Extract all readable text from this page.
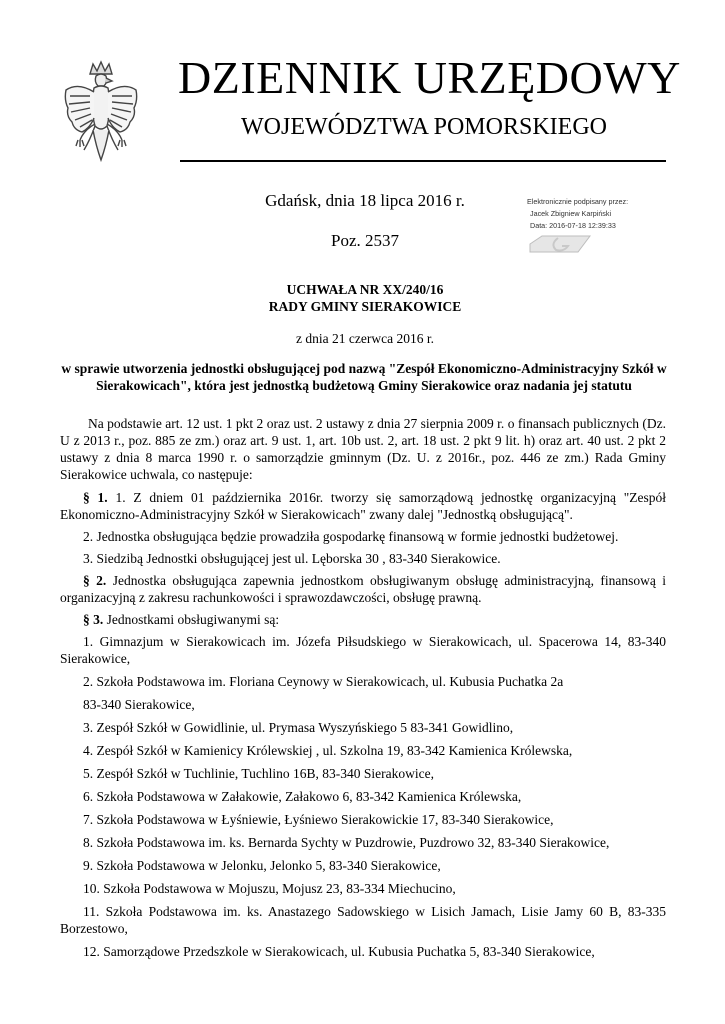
DZIENNIK URZĘDOWY
WOJEWÓDZTWA POMORSKIEGO
Gdańsk, dnia 18 lipca 2016 r.
Poz. 2537
Elektronicznie podpisany przez:
Jacek Zbigniew Karpiński
Data: 2016-07-18 12:39:33
UCHWAŁA NR XX/240/16
RADY GMINY SIERAKOWICE
z dnia 21 czerwca 2016 r.
w sprawie utworzenia jednostki obsługującej pod nazwą "Zespół Ekonomiczno-Administracyjny Szkół w Sierakowicach", która jest jednostką budżetową Gminy Sierakowice oraz nadania jej statutu

Na podstawie art. 12 ust. 1 pkt 2 oraz ust. 2 ustawy z dnia 27 sierpnia 2009 r. o finansach publicznych (Dz. U z 2013 r., poz. 885 ze zm.) oraz art. 9 ust. 1, art. 10b ust. 2, art. 18 ust. 2 pkt 9 lit. h) oraz art. 40 ust. 2 pkt 2 ustawy z dnia 8 marca 1990 r. o samorządzie gminnym (Dz. U. z 2016r., poz. 446 ze zm.) Rada Gminy Sierakowice uchwala, co następuje:

§ 1. 1. Z dniem 01 października 2016r. tworzy się samorządową jednostkę organizacyjną "Zespół Ekonomiczno-Administracyjny Szkół w Sierakowicach" zwany dalej "Jednostką obsługującą".

2. Jednostka obsługująca będzie prowadziła gospodarkę finansową w formie jednostki budżetowej.

3. Siedzibą Jednostki obsługującej jest ul. Lęborska 30 , 83-340 Sierakowice.

§ 2. Jednostka obsługująca zapewnia jednostkom obsługiwanym obsługę administracyjną, finansową i organizacyjną z zakresu rachunkowości i sprawozdawczości, obsługę prawną.

§ 3. Jednostkami obsługiwanymi są:

1. Gimnazjum w Sierakowicach im. Józefa Piłsudskiego w Sierakowicach, ul. Spacerowa 14, 83-340 Sierakowice,

2. Szkoła Podstawowa im. Floriana Ceynowy w Sierakowicach, ul. Kubusia Puchatka 2a

83-340 Sierakowice,

3. Zespół Szkół w Gowidlinie, ul. Prymasa Wyszyńskiego 5 83-341 Gowidlino,

4. Zespół Szkół w Kamienicy Królewskiej , ul. Szkolna 19, 83-342 Kamienica Królewska,

5. Zespół Szkół w Tuchlinie, Tuchlino 16B, 83-340 Sierakowice,

6. Szkoła Podstawowa w Załakowie, Załakowo 6, 83-342 Kamienica Królewska,

7. Szkoła Podstawowa w Łyśniewie, Łyśniewo Sierakowickie 17, 83-340 Sierakowice,

8. Szkoła Podstawowa im. ks. Bernarda Sychty w Puzdrowie, Puzdrowo 32, 83-340 Sierakowice,

9. Szkoła Podstawowa w Jelonku, Jelonko 5, 83-340 Sierakowice,

10. Szkoła Podstawowa w Mojuszu, Mojusz 23, 83-334 Miechucino,

11. Szkoła Podstawowa im. ks. Anastazego Sadowskiego w Lisich Jamach, Lisie Jamy 60 B, 83-335 Borzestowo,

12. Samorządowe Przedszkole w Sierakowicach, ul. Kubusia Puchatka 5, 83-340 Sierakowice,
